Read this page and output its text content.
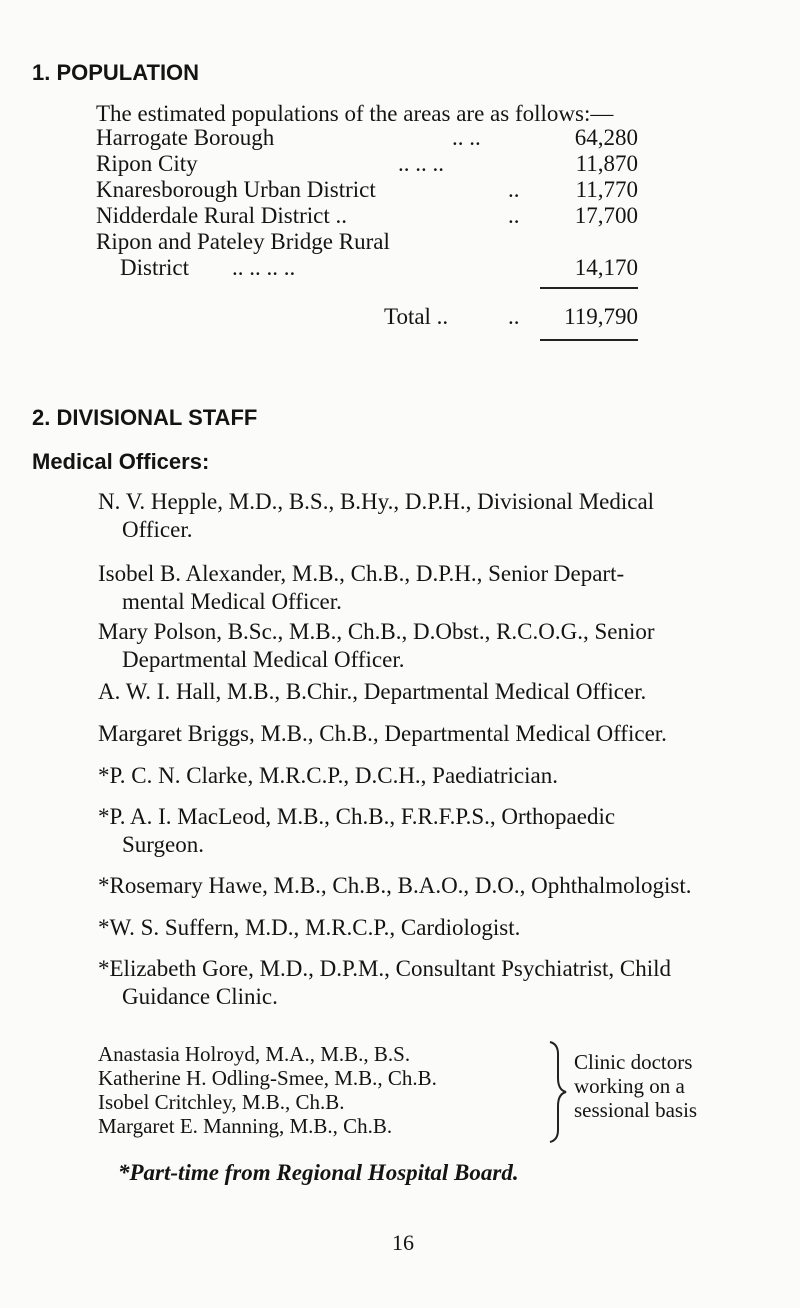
1. POPULATION
The estimated populations of the areas are as follows:—
Harrogate Borough	.. ..	64,280
Ripon City	.. .. ..	11,870
Knaresborough Urban District	..	11,770
Nidderdale Rural District ..	..	17,700
Ripon and Pateley Bridge Rural
District .. .. .. ..	14,170
Total ..	..	119,790
2. DIVISIONAL STAFF
Medical Officers:
N. V. Hepple, M.D., B.S., B.Hy., D.P.H., Divisional Medical
Officer.
Isobel B. Alexander, M.B., Ch.B., D.P.H., Senior Depart-
mental Medical Officer.
Mary Polson, B.Sc., M.B., Ch.B., D.Obst., R.C.O.G., Senior
Departmental Medical Officer.
A. W. I. Hall, M.B., B.Chir., Departmental Medical Officer.
Margaret Briggs, M.B., Ch.B., Departmental Medical Officer.
*P. C. N. Clarke, M.R.C.P., D.C.H., Paediatrician.
*P. A. I. MacLeod, M.B., Ch.B., F.R.F.P.S., Orthopaedic
Surgeon.
*Rosemary Hawe, M.B., Ch.B., B.A.O., D.O., Ophthalmologist.
*W. S. Suffern, M.D., M.R.C.P., Cardiologist.
*Elizabeth Gore, M.D., D.P.M., Consultant Psychiatrist, Child
Guidance Clinic.
Anastasia Holroyd, M.A., M.B., B.S.
Katherine H. Odling-Smee, M.B., Ch.B.
Isobel Critchley, M.B., Ch.B.
Margaret E. Manning, M.B., Ch.B.
Clinic doctors
working on a
sessional basis
*Part-time from Regional Hospital Board.
16
